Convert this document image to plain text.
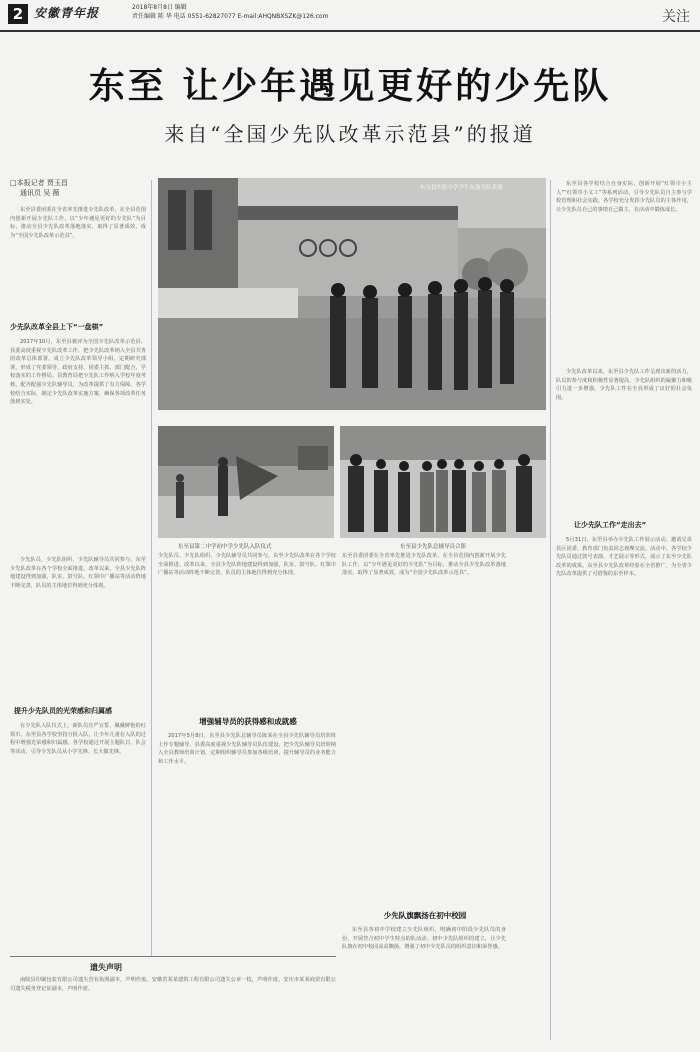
2 安徽青年报	2018年8月8日 编辑
责任编辑 陈 华 电话 0551-62827077 E-mail:AHQNBXSZK@126.com	关注
东至 让少年遇见更好的少先队
来自“全国少先队改革示范县”的报道
□本报记者 贾玉昌
通讯员 吴 薇
东至县委团委在全省率先推进少先队改革，在全县范围内创新开展少先队工作，以“少年遇见更好的少先队”为目标，推动全县少先队改革落地落实，取得了显著成效，成为“全国少先队改革示范县”。
少先队改革全县上下“一盘棋”
2017年10月，东至县被评为全国少先队改革示范县。县委高度重视少先队改革工作，把少先队改革纳入全县共青团改革总体部署，成立少先队改革领导小组，定期研究部署，形成了党委领导、政府支持、团委主抓、部门配合、学校落实的工作格局。县教育局把少先队工作纳入学校年度考核，配齐配强少先队辅导员，为改革提供了有力保障。各学校结合实际，制定少先队改革实施方案，确保各项改革任务落到实处。
少先队员、少先队组织、少先队辅导员共同参与，东至少先队改革在各个学校全面推进。改革以来，全县少先队阵地建设得到加强，队室、鼓号队、红领巾广播站等活动阵地不断完善，队员的主体地位得到充分体现。
提升少先队员的光荣感和归属感
在少先队入队仪式上，新队员庄严宣誓，佩戴鲜艳的红领巾。东至县各学校坚持分批入队，让少年儿童在入队的过程中增强光荣感和归属感。各学校通过开展主题队日、队会等活动，引导少先队员从小学先锋、长大做先锋。
东至县实验小学学生在鼓号队表演
东至县第二中学初中学少先队入队仪式	东至县少先队总辅导员合影
少先队员、少先队组织、少先队辅导员共同参与，东至少先队改革在各个学校全面推进。改革以来，全县少先队阵地建设得到加强，队室、鼓号队、红领巾广播站等活动阵地不断完善，队员的主体地位得到充分体现。
增强辅导员的获得感和成就感
2017年5月8日，东至县少先队总辅导员陈某在全县少先队辅导员培训班上作专题辅导。县委高度重视少先队辅导员队伍建设，把少先队辅导员培训纳入全县教师培训计划，定期组织辅导员参加各级培训，提升辅导员的业务能力和工作水平。
东至县委团委在全省率先推进少先队改革，在全县范围内创新开展少先队工作，以“少年遇见更好的少先队”为目标，推动全县少先队改革落地落实，取得了显著成效，成为“全国少先队改革示范县”。
少先队旗飘扬在初中校园
东至县各初中学校建立少先队组织，明确初中阶段少先队员的身份，开展符合初中学生特点的队活动。初中少先队组织的建立，让少先队旗在初中校园高高飘扬，增强了初中少先队员的组织意识和荣誉感。
东至县各学校结合自身实际，创新开展“红领巾小主人”“红领巾小义工”等系列活动，引导少先队员自主参与学校管理和社会实践。各学校充分发挥少先队员的主体作用，让少先队员自己的事情自己做主，在活动中锻炼成长。
少先队改革以来，东至县少先队工作呈现出新的活力，队员的参与度和积极性显著提高，少先队组织的凝聚力和吸引力进一步增强，少先队工作在全县形成了良好的社会氛围。
让少先队工作“走出去”
5月31日，东至县举办少先队工作展示活动，邀请兄弟县区团委、教育部门负责同志观摩交流。活动中，各学校少先队员通过鼓号表演、才艺展示等形式，展示了东至少先队改革的成果。东至县少先队改革经验在全省推广，为全省少先队改革提供了可借鉴的东至样本。
遗失声明
南陵县印刷包装有限公司遗失营业执照副本，声明作废。安徽省某某建筑工程有限公司遗失公章一枚，声明作废。安庆市某某商贸有限公司遗失税务登记证副本，声明作废。
